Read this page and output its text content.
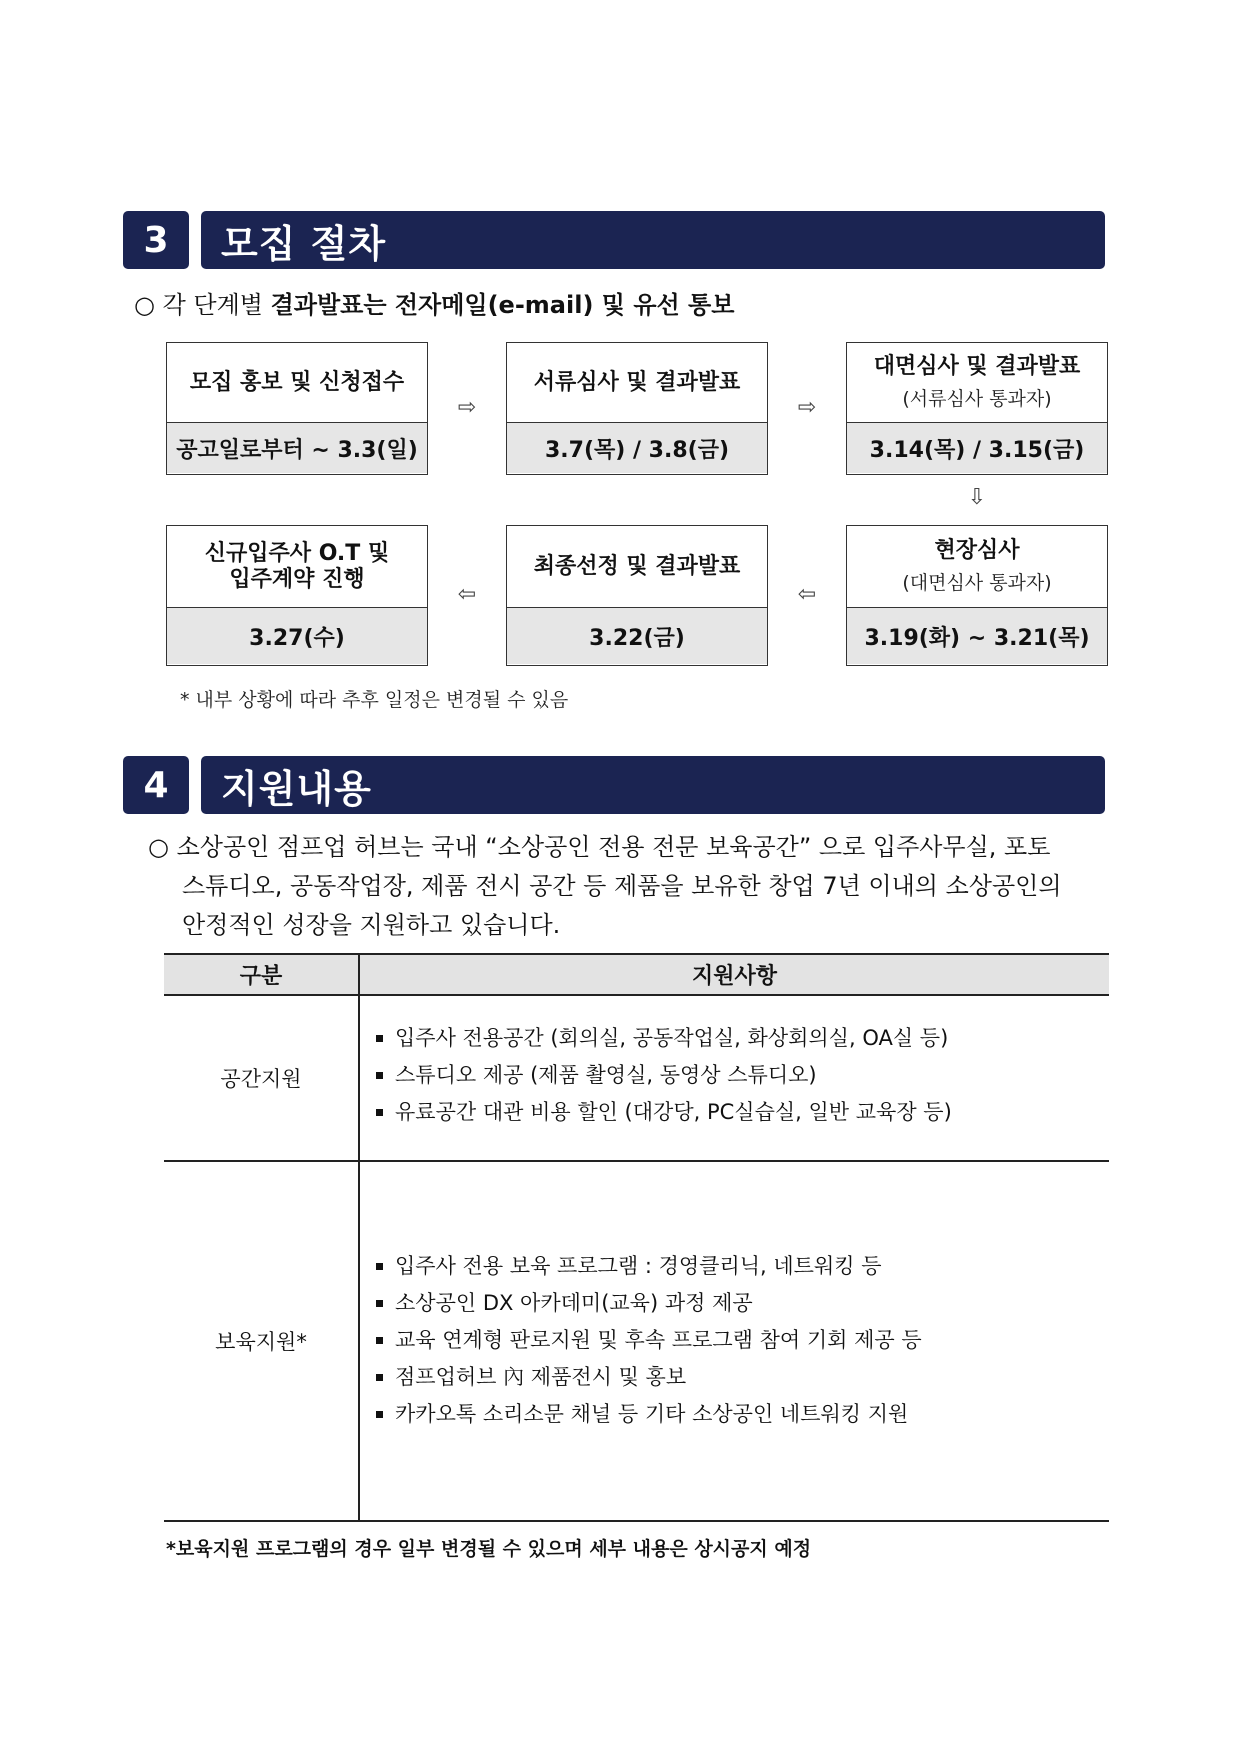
3	모집 절차
○ 각 단계별 결과발표는 전자메일(e-mail) 및 유선 통보
모집 홍보 및 신청접수
공고일로부터 ~ 3.3(일)
⇨
서류심사 및 결과발표
3.7(목) / 3.8(금)
⇨
대면심사 및 결과발표
(서류심사 통과자)
3.14(목) / 3.15(금)
⇩
신규입주사 O.T 및
입주계약 진행
3.27(수)
⇦
최종선정 및 결과발표
3.22(금)
⇦
현장심사
(대면심사 통과자)
3.19(화) ~ 3.21(목)
* 내부 상황에 따라 추후 일정은 변경될 수 있음
4	지원내용
○ 소상공인 점프업 허브는 국내 “소상공인 전용 전문 보육공간” 으로 입주사무실, 포토
스튜디오, 공동작업장, 제품 전시 공간 등 제품을 보유한 창업 7년 이내의 소상공인의
안정적인 성장을 지원하고 있습니다.
구분	지원사항
공간지원
입주사 전용공간 (회의실, 공동작업실, 화상회의실, OA실 등)
스튜디오 제공 (제품 촬영실, 동영상 스튜디오)
유료공간 대관 비용 할인 (대강당, PC실습실, 일반 교육장 등)
보육지원*
입주사 전용 보육 프로그램 : 경영클리닉, 네트워킹 등
소상공인 DX 아카데미(교육) 과정 제공
교육 연계형 판로지원 및 후속 프로그램 참여 기회 제공 등
점프업허브 內 제품전시 및 홍보
카카오톡 소리소문 채널 등 기타 소상공인 네트워킹 지원
*보육지원 프로그램의 경우 일부 변경될 수 있으며 세부 내용은 상시공지 예정
